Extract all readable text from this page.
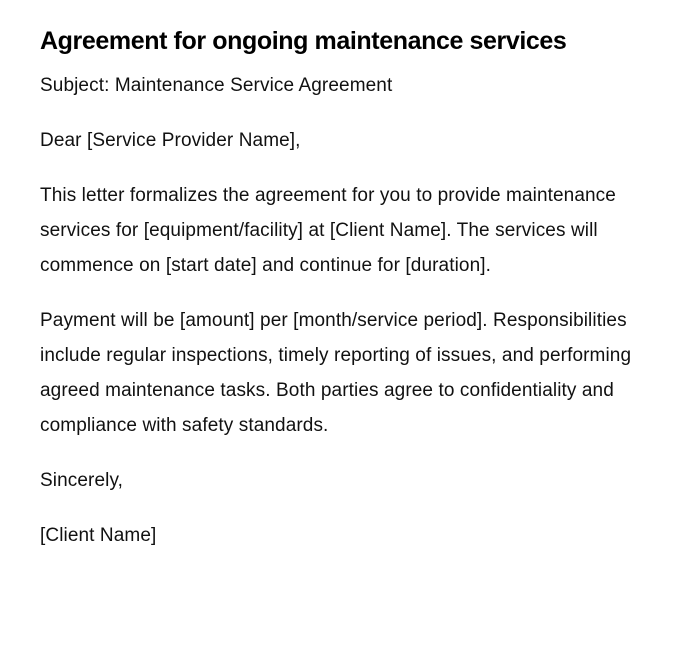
Agreement for ongoing maintenance services

Subject: Maintenance Service Agreement

Dear [Service Provider Name],

This letter formalizes the agreement for you to provide maintenance services for [equipment/facility] at [Client Name]. The services will commence on [start date] and continue for [duration].

Payment will be [amount] per [month/service period]. Responsibilities include regular inspections, timely reporting of issues, and performing agreed maintenance tasks. Both parties agree to confidentiality and compliance with safety standards.

Sincerely,

[Client Name]
